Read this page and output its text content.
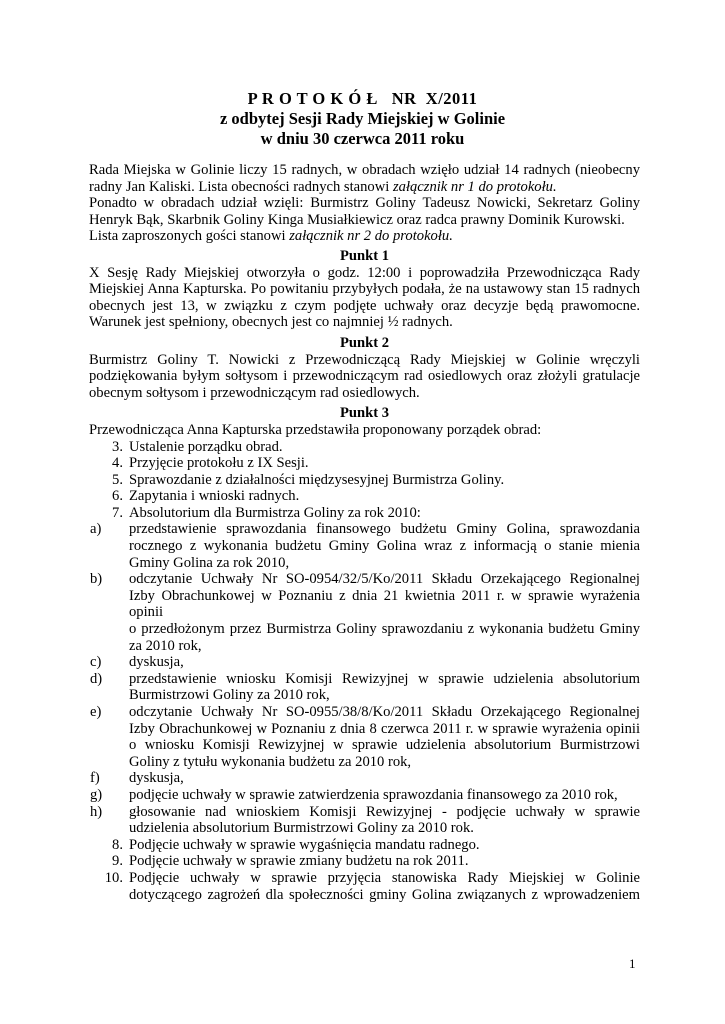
P R O T O K Ó Ł   NR  X/2011
z odbytej Sesji Rady Miejskiej w Golinie
w dniu 30 czerwca 2011 roku

Rada Miejska w Golinie liczy 15 radnych, w obradach wzięło udział 14 radnych (nieobecny

radny Jan Kaliski. Lista obecności radnych stanowi załącznik nr 1 do protokołu.

Ponadto w obradach udział wzięli: Burmistrz Goliny Tadeusz Nowicki, Sekretarz Goliny

Henryk Bąk, Skarbnik Goliny Kinga Musiałkiewicz oraz radca prawny Dominik Kurowski.

Lista zaproszonych gości stanowi załącznik nr 2 do protokołu.

Punkt 1

X Sesję Rady Miejskiej otworzyła o godz. 12:00 i poprowadziła Przewodnicząca Rady

Miejskiej Anna Kapturska. Po powitaniu przybyłych podała, że na ustawowy stan 15 radnych

obecnych jest 13, w związku z czym podjęte uchwały oraz decyzje będą prawomocne.

Warunek jest spełniony, obecnych jest co najmniej ½ radnych.

Punkt 2

Burmistrz Goliny T. Nowicki z Przewodniczącą Rady Miejskiej w Golinie wręczyli

podziękowania byłym sołtysom i przewodniczącym rad osiedlowych oraz złożyli gratulacje

obecnym sołtysom i przewodniczącym rad osiedlowych.

Punkt 3

Przewodnicząca Anna Kapturska przedstawiła proponowany porządek obrad:

3. Ustalenie porządku obrad.
4. Przyjęcie protokołu z IX Sesji.
5. Sprawozdanie z działalności międzysesyjnej Burmistrza Goliny.
6. Zapytania i wnioski radnych.
7. Absolutorium dla Burmistrza Goliny za rok 2010:
a)	przedstawienie sprawozdania finansowego budżetu Gminy Golina, sprawozdania
rocznego z wykonania budżetu Gminy Golina wraz z informacją o stanie mienia
Gminy Golina za rok 2010,
b)	odczytanie Uchwały Nr SO-0954/32/5/Ko/2011 Składu Orzekającego Regionalnej
Izby Obrachunkowej w Poznaniu z dnia 21 kwietnia 2011 r. w sprawie wyrażenia
opinii
o przedłożonym przez Burmistrza Goliny sprawozdaniu z wykonania budżetu Gminy
za 2010 rok,
c)	dyskusja,
d)	przedstawienie wniosku Komisji Rewizyjnej w sprawie udzielenia absolutorium
Burmistrzowi Goliny za 2010 rok,
e)	odczytanie Uchwały Nr SO-0955/38/8/Ko/2011 Składu Orzekającego Regionalnej
Izby Obrachunkowej w Poznaniu z dnia 8 czerwca 2011 r. w sprawie wyrażenia opinii
o wniosku Komisji Rewizyjnej w sprawie udzielenia absolutorium Burmistrzowi
Goliny z tytułu wykonania budżetu za 2010 rok,
f)	dyskusja,
g)	podjęcie uchwały w sprawie zatwierdzenia sprawozdania finansowego za 2010 rok,
h)	głosowanie nad wnioskiem Komisji Rewizyjnej - podjęcie uchwały w sprawie
udzielenia absolutorium Burmistrzowi Goliny za 2010 rok.
8. Podjęcie uchwały w sprawie wygaśnięcia mandatu radnego.
9. Podjęcie uchwały w sprawie zmiany budżetu na rok 2011.
10. Podjęcie uchwały w sprawie przyjęcia stanowiska Rady Miejskiej w Golinie
dotyczącego zagrożeń dla społeczności gminy Golina związanych z wprowadzeniem
1
